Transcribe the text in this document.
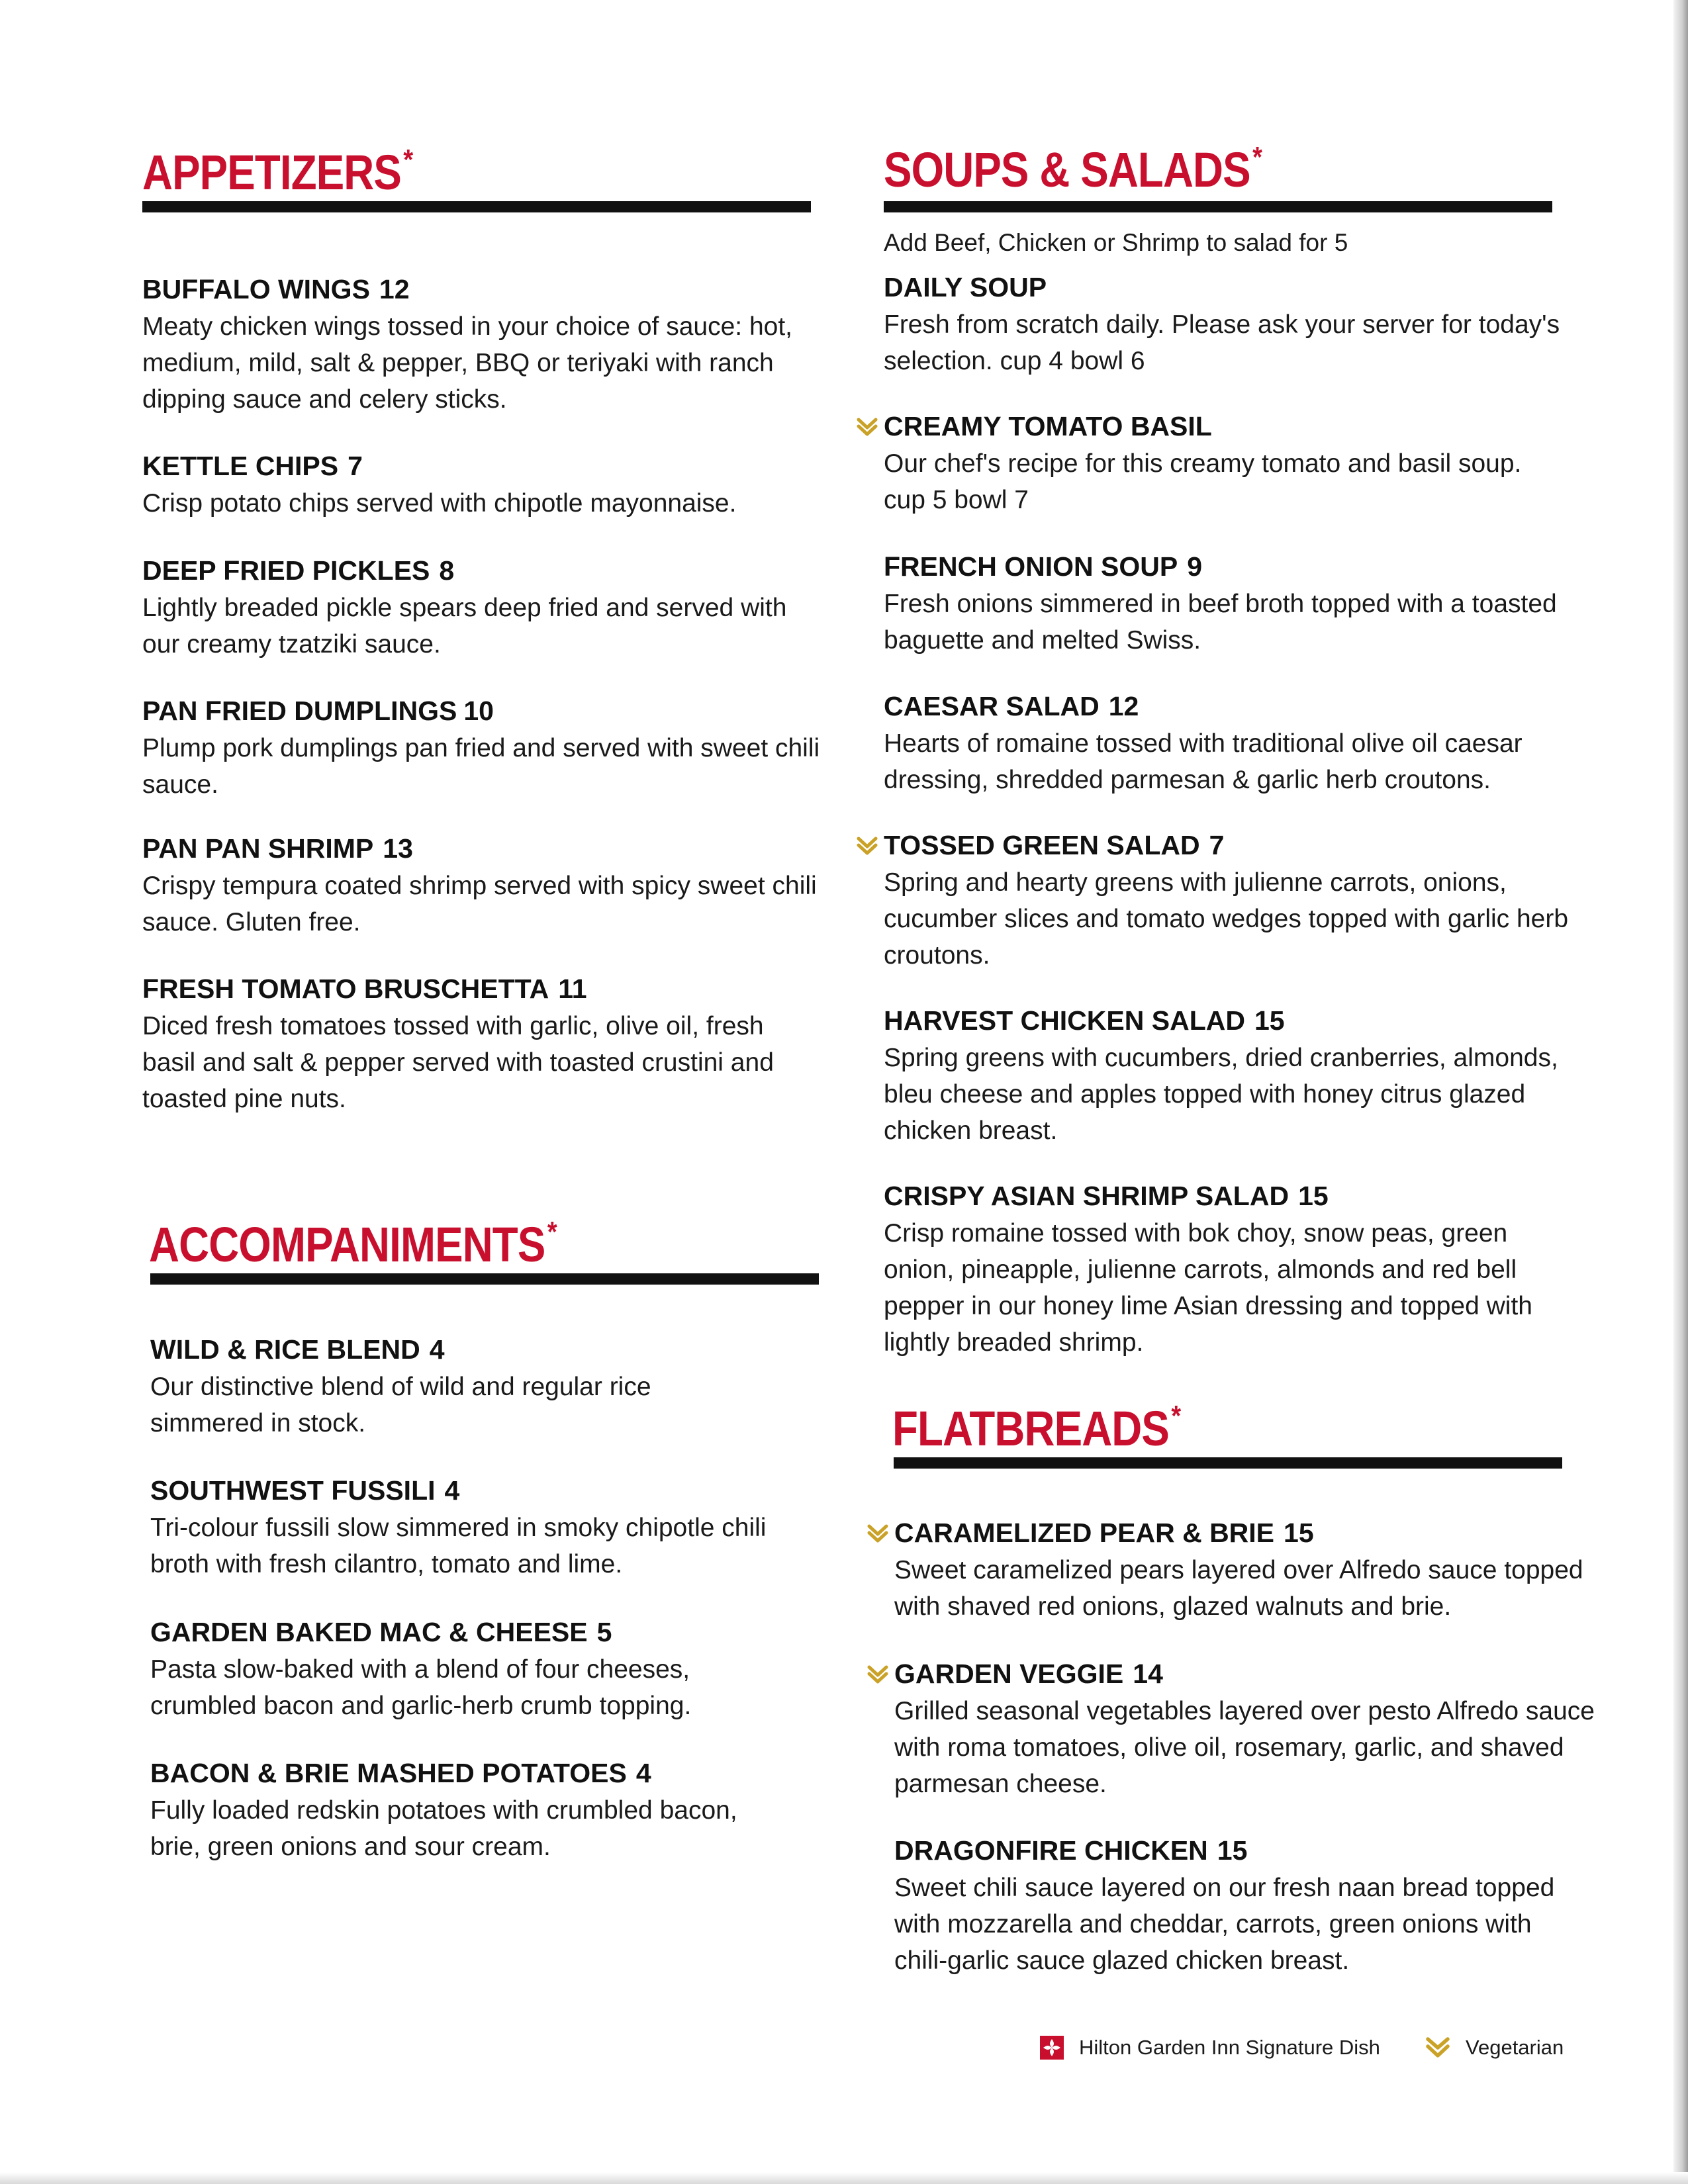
APPETIZERS*
BUFFALO WINGS 12
Meaty chicken wings tossed in your choice of sauce: hot, medium, mild, salt & pepper, BBQ or teriyaki with ranch dipping sauce and celery sticks.
KETTLE CHIPS 7
Crisp potato chips served with chipotle mayonnaise.
DEEP FRIED PICKLES 8
Lightly breaded pickle spears deep fried and served with our creamy tzatziki sauce.
PAN FRIED DUMPLINGS 10
Plump pork dumplings pan fried and served with sweet chili sauce.
PAN PAN SHRIMP 13
Crispy tempura coated shrimp served with spicy sweet chili sauce. Gluten free.
FRESH TOMATO BRUSCHETTA 11
Diced fresh tomatoes tossed with garlic, olive oil, fresh basil and salt & pepper served with toasted crustini and toasted pine nuts.
ACCOMPANIMENTS*
WILD & RICE BLEND 4
Our distinctive blend of wild and regular rice simmered in stock.
SOUTHWEST FUSSILI 4
Tri-colour fussili slow simmered in smoky chipotle chili broth with fresh cilantro, tomato and lime.
GARDEN BAKED MAC & CHEESE 5
Pasta slow-baked with a blend of four cheeses, crumbled bacon and garlic-herb crumb topping.
BACON & BRIE MASHED POTATOES 4
Fully loaded redskin potatoes with crumbled bacon, brie, green onions and sour cream.
SOUPS & SALADS*
Add Beef, Chicken or Shrimp to salad for 5
DAILY SOUP
Fresh from scratch daily. Please ask your server for today's selection. cup 4 bowl 6
CREAMY TOMATO BASIL
Our chef's recipe for this creamy tomato and basil soup. cup 5 bowl 7
FRENCH ONION SOUP 9
Fresh onions simmered in beef broth topped with a toasted baguette and melted Swiss.
CAESAR SALAD 12
Hearts of romaine tossed with traditional olive oil caesar dressing, shredded parmesan & garlic herb croutons.
TOSSED GREEN SALAD 7
Spring and hearty greens with julienne carrots, onions, cucumber slices and tomato wedges topped with garlic herb croutons.
HARVEST CHICKEN SALAD 15
Spring greens with cucumbers, dried cranberries, almonds, bleu cheese and apples topped with honey citrus glazed chicken breast.
CRISPY ASIAN SHRIMP SALAD 15
Crisp romaine tossed with bok choy, snow peas, green onion, pineapple, julienne carrots, almonds and red bell pepper in our honey lime Asian dressing and topped with lightly breaded shrimp.
FLATBREADS*
CARAMELIZED PEAR & BRIE 15
Sweet caramelized pears layered over Alfredo sauce topped with shaved red onions, glazed walnuts and brie.
GARDEN VEGGIE 14
Grilled seasonal vegetables layered over pesto Alfredo sauce with roma tomatoes, olive oil, rosemary, garlic, and shaved parmesan cheese.
DRAGONFIRE CHICKEN 15
Sweet chili sauce layered on our fresh naan bread topped with mozzarella and cheddar, carrots, green onions with chili-garlic sauce glazed chicken breast.
Hilton Garden Inn Signature Dish	Vegetarian
